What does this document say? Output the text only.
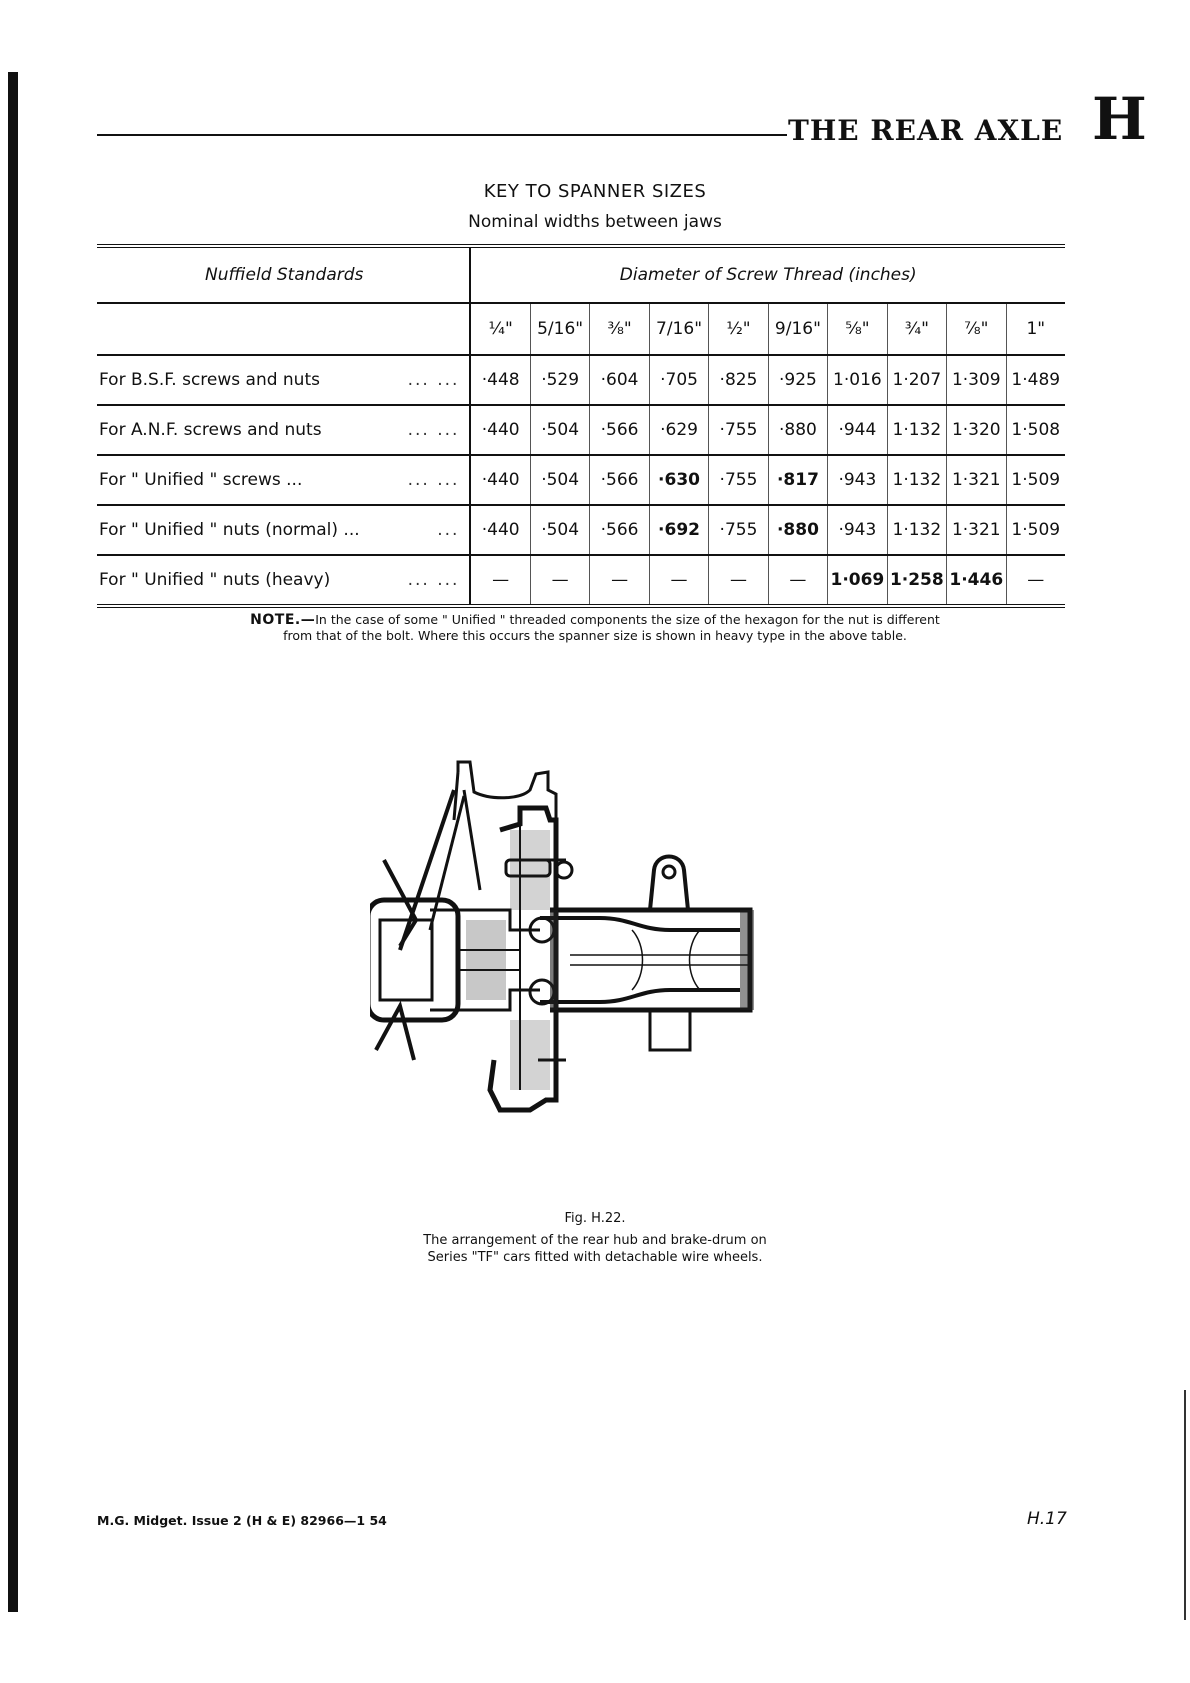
THE REAR AXLE H
KEY TO SPANNER SIZES
Nominal widths between jaws
Nuffield Standards	Diameter of Screw Thread (inches)									
	¼"	5/16"	⅜"	7/16"	½"	9/16"	⅝"	¾"	⅞"	1"
For B.S.F. screws and nuts ... ...	·448	·529	·604	·705	·825	·925	1·016	1·207	1·309	1·489
For A.N.F. screws and nuts ... ...	·440	·504	·566	·629	·755	·880	·944	1·132	1·320	1·508
For " Unified " screws ... ... ...	·440	·504	·566	·630	·755	·817	·943	1·132	1·321	1·509
For " Unified " nuts (normal) ... ...	·440	·504	·566	·692	·755	·880	·943	1·132	1·321	1·509
For " Unified " nuts (heavy) ... ...	—	—	—	—	—	—	1·069	1·258	1·446	—
NOTE.—In the case of some " Unified " threaded components the size of the hexagon for the nut is different
from that of the bolt. Where this occurs the spanner size is shown in heavy type in the above table.
Fig. H.22.
The arrangement of the rear hub and brake-drum on
Series "TF" cars fitted with detachable wire wheels.
M.G. Midget. Issue 2 (H & E) 82966—1 54	H.17
